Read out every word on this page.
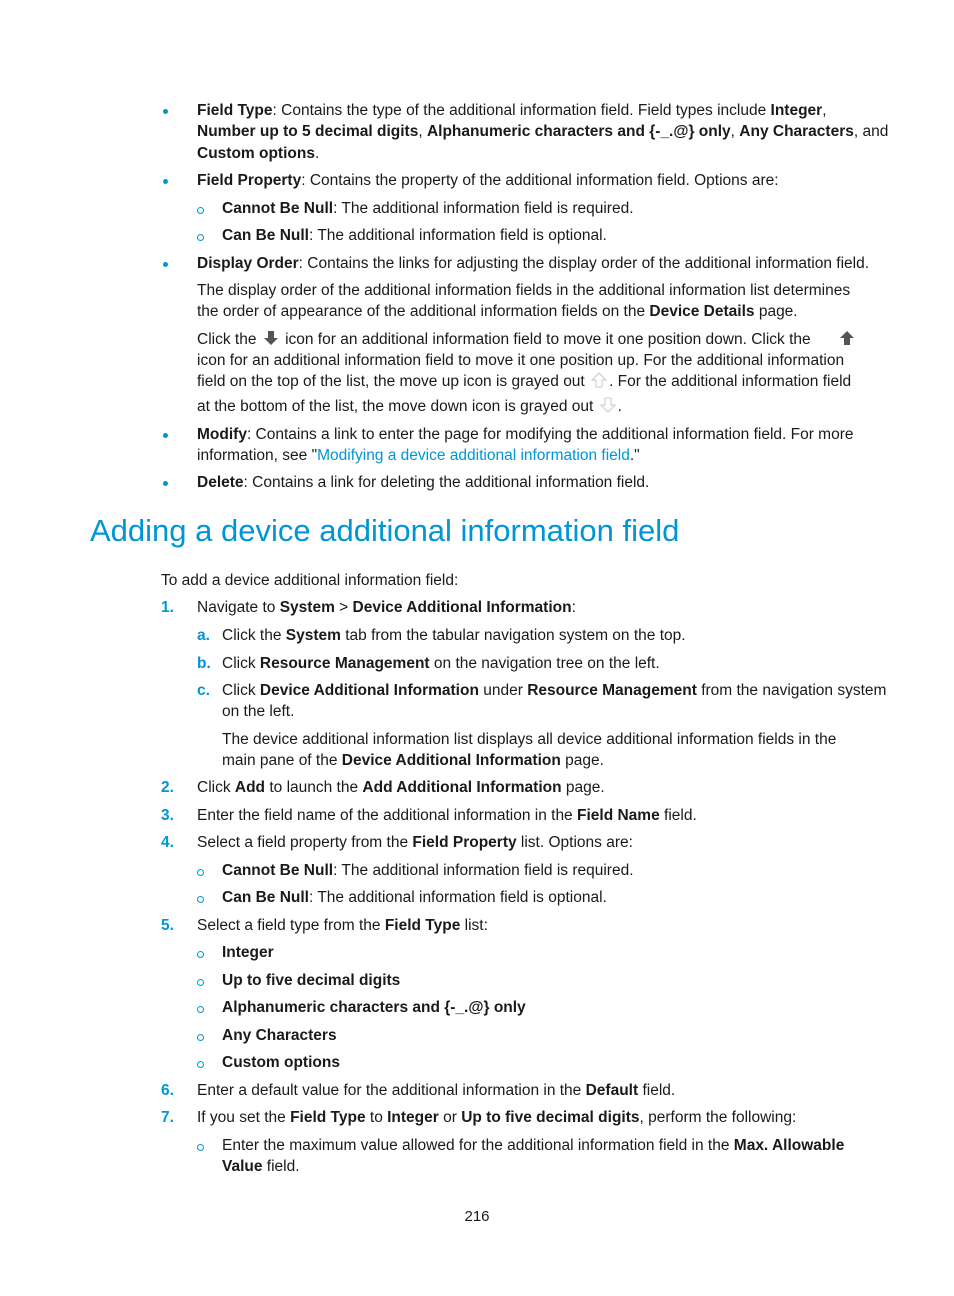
Field Type: Contains the type of the additional information field. Field types include Integer,
Number up to 5 decimal digits, Alphanumeric characters and {-_.@} only, Any Characters, and
Custom options.
Field Property: Contains the property of the additional information field. Options are:
Cannot Be Null: The additional information field is required.
Can Be Null: The additional information field is optional.
Display Order: Contains the links for adjusting the display order of the additional information field.
The display order of the additional information fields in the additional information list determines
the order of appearance of the additional information fields on the Device Details page.
Click the icon for an additional information field to move it one position down. Click the
icon for an additional information field to move it one position up. For the additional information
field on the top of the list, the move up icon is grayed out . For the additional information field
at the bottom of the list, the move down icon is grayed out .
Modify: Contains a link to enter the page for modifying the additional information field. For more
information, see "Modifying a device additional information field."
Delete: Contains a link for deleting the additional information field.
Adding a device additional information field
To add a device additional information field:
1. Navigate to System > Device Additional Information:
a. Click the System tab from the tabular navigation system on the top.
b. Click Resource Management on the navigation tree on the left.
c. Click Device Additional Information under Resource Management from the navigation system
on the left.
The device additional information list displays all device additional information fields in the
main pane of the Device Additional Information page.
2. Click Add to launch the Add Additional Information page.
3. Enter the field name of the additional information in the Field Name field.
4. Select a field property from the Field Property list. Options are:
Cannot Be Null: The additional information field is required.
Can Be Null: The additional information field is optional.
5. Select a field type from the Field Type list:
Integer
Up to five decimal digits
Alphanumeric characters and {-_.@} only
Any Characters
Custom options
6. Enter a default value for the additional information in the Default field.
7. If you set the Field Type to Integer or Up to five decimal digits, perform the following:
Enter the maximum value allowed for the additional information field in the Max. Allowable
Value field.
216
